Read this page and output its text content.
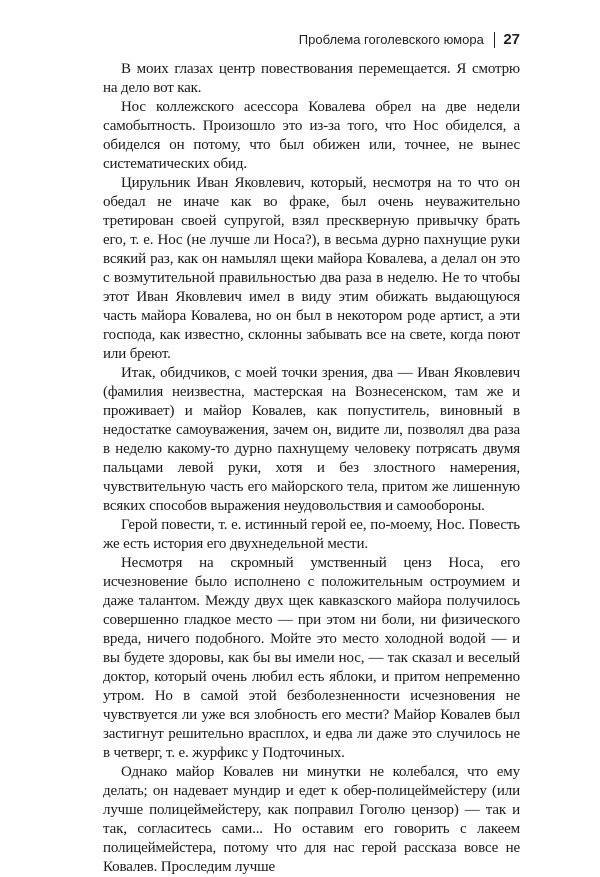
Проблема гоголевского юмора 27

В моих глазах центр повествования перемещается. Я смотрю на дело вот как.

Нос коллежского асессора Ковалева обрел на две недели самобытность. Произошло это из-за того, что Нос обиделся, а обиделся он потому, что был обижен или, точнее, не вынес систематических обид.

Цирульник Иван Яковлевич, который, несмотря на то что он обедал не иначе как во фраке, был очень неуважительно третирован своей супругой, взял прескверную привычку брать его, т. е. Нос (не лучше ли Носа?), в весьма дурно пахнущие руки всякий раз, как он намылял щеки майора Ковалева, а делал он это с возмутительной правильностью два раза в неделю. Не то чтобы этот Иван Яковлевич имел в виду этим обижать выдающуюся часть майора Ковалева, но он был в некотором роде артист, а эти господа, как известно, склонны забывать все на свете, когда поют или бреют.

Итак, обидчиков, с моей точки зрения, два — Иван Яковлевич (фамилия неизвестна, мастерская на Вознесенском, там же и проживает) и майор Ковалев, как попуститель, виновный в недостатке самоуважения, зачем он, видите ли, позволял два раза в неделю какому-то дурно пахнущему человеку потрясать двумя пальцами левой руки, хотя и без злостного намерения, чувствительную часть его майорского тела, притом же лишенную всяких способов выражения неудовольствия и самообороны.

Герой повести, т. е. истинный герой ее, по-моему, Нос. Повесть же есть история его двухнедельной мести.

Несмотря на скромный умственный ценз Носа, его исчезновение было исполнено с положительным остроумием и даже талантом. Между двух щек кавказского майора получилось совершенно гладкое место — при этом ни боли, ни физического вреда, ничего подобного. Мойте это место холодной водой — и вы будете здоровы, как бы вы имели нос, — так сказал и веселый доктор, который очень любил есть яблоки, и притом непременно утром. Но в самой этой безболезненности исчезновения не чувствуется ли уже вся злобность его мести? Майор Ковалев был застигнут решительно врасплох, и едва ли даже это случилось не в четверг, т. е. журфикс у Подточиных.

Однако майор Ковалев ни минутки не колебался, что ему делать; он надевает мундир и едет к обер-полицеймейстеру (или лучше полицеймейстеру, как поправил Гоголю цензор) — так и так, согласитесь сами... Но оставим его говорить с лакеем полицеймейстера, потому что для нас герой рассказа вовсе не Ковалев. Проследим лучше
